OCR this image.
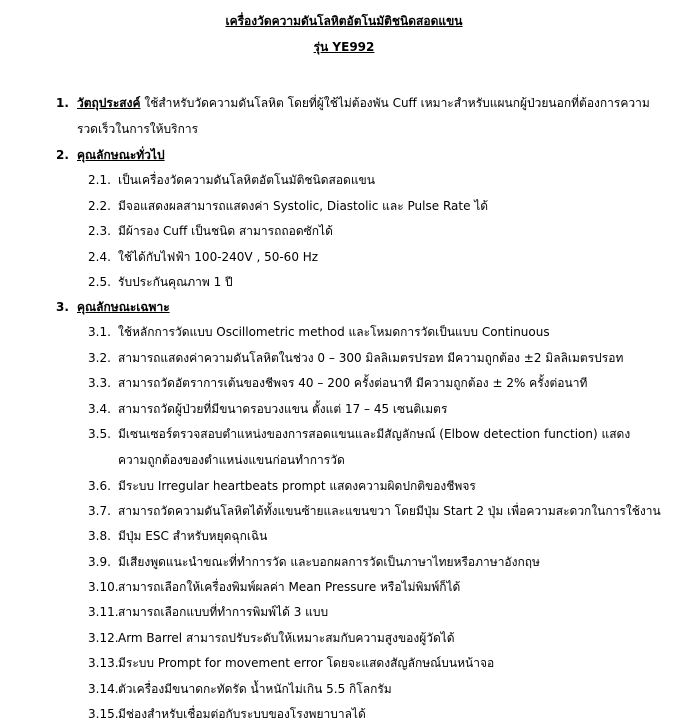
เครื่องวัดความดันโลหิตอัตโนมัติชนิดสอดแขน
รุ่น YE992
1. วัตถุประสงค์ ใช้สำหรับวัดความดันโลหิต โดยที่ผู้ใช้ไม่ต้องพัน Cuff เหมาะสำหรับแผนกผู้ป่วยนอกที่ต้องการความ
รวดเร็วในการให้บริการ
2. คุณลักษณะทั่วไป
2.1. เป็นเครื่องวัดความดันโลหิตอัตโนมัติชนิดสอดแขน
2.2. มีจอแสดงผลสามารถแสดงค่า Systolic, Diastolic และ Pulse Rate ได้
2.3. มีผ้ารอง Cuff เป็นชนิด สามารถถอดซักได้
2.4. ใช้ได้กับไฟฟ้า 100-240V , 50-60 Hz
2.5. รับประกันคุณภาพ 1 ปี
3. คุณลักษณะเฉพาะ
3.1. ใช้หลักการวัดแบบ Oscillometric method และโหมดการวัดเป็นแบบ Continuous
3.2. สามารถแสดงค่าความดันโลหิตในช่วง 0 – 300 มิลลิเมตรปรอท มีความถูกต้อง ±2 มิลลิเมตรปรอท
3.3. สามารถวัดอัตราการเต้นของชีพจร 40 – 200 ครั้งต่อนาที มีความถูกต้อง ± 2% ครั้งต่อนาที
3.4. สามารถวัดผู้ป่วยที่มีขนาดรอบวงแขน ตั้งแต่ 17 – 45 เซนติเมตร
3.5. มีเซนเซอร์ตรวจสอบตำแหน่งของการสอดแขนและมีสัญลักษณ์ (Elbow detection function) แสดง
ความถูกต้องของตำแหน่งแขนก่อนทำการวัด
3.6. มีระบบ Irregular heartbeats prompt แสดงความผิดปกติของชีพจร
3.7. สามารถวัดความดันโลหิตได้ทั้งแขนซ้ายและแขนขวา โดยมีปุ่ม Start 2 ปุ่ม เพื่อความสะดวกในการใช้งาน
3.8. มีปุ่ม ESC สำหรับหยุดฉุกเฉิน
3.9. มีเสียงพูดแนะนำขณะที่ทำการวัด และบอกผลการวัดเป็นภาษาไทยหรือภาษาอังกฤษ
3.10. สามารถเลือกให้เครื่องพิมพ์ผลค่า Mean Pressure หรือไม่พิมพ์ก็ได้
3.11. สามารถเลือกแบบที่ทำการพิมพ์ได้ 3 แบบ
3.12. Arm Barrel สามารถปรับระดับให้เหมาะสมกับความสูงของผู้วัดได้
3.13. มีระบบ Prompt for movement error โดยจะแสดงสัญลักษณ์บนหน้าจอ
3.14. ตัวเครื่องมีขนาดกะทัดรัด น้ำหนักไม่เกิน 5.5 กิโลกรัม
3.15. มีช่องสำหรับเชื่อมต่อกับระบบของโรงพยาบาลได้
